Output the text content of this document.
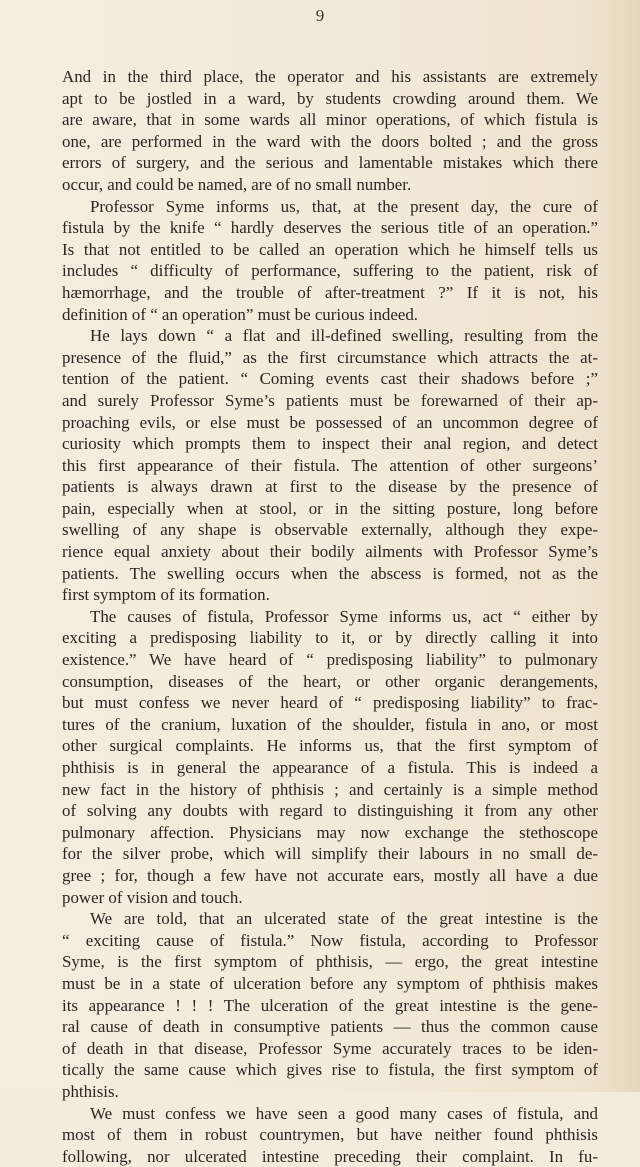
9
And in the third place, the operator and his assistants are extremely
apt to be jostled in a ward, by students crowding around them. We
are aware, that in some wards all minor operations, of which fistula is
one, are performed in the ward with the doors bolted ; and the gross
errors of surgery, and the serious and lamentable mistakes which there
occur, and could be named, are of no small number.
Professor Syme informs us, that, at the present day, the cure of
fistula by the knife “ hardly deserves the serious title of an operation.”
Is that not entitled to be called an operation which he himself tells us
includes “ difficulty of performance, suffering to the patient, risk of
hæmorrhage, and the trouble of after-treatment ?” If it is not, his
definition of “ an operation” must be curious indeed.
He lays down “ a flat and ill-defined swelling, resulting from the
presence of the fluid,” as the first circumstance which attracts the at-
tention of the patient. “ Coming events cast their shadows before ;”
and surely Professor Syme’s patients must be forewarned of their ap-
proaching evils, or else must be possessed of an uncommon degree of
curiosity which prompts them to inspect their anal region, and detect
this first appearance of their fistula. The attention of other surgeons’
patients is always drawn at first to the disease by the presence of
pain, especially when at stool, or in the sitting posture, long before
swelling of any shape is observable externally, although they expe-
rience equal anxiety about their bodily ailments with Professor Syme’s
patients. The swelling occurs when the abscess is formed, not as the
first symptom of its formation.
The causes of fistula, Professor Syme informs us, act “ either by
exciting a predisposing liability to it, or by directly calling it into
existence.” We have heard of “ predisposing liability” to pulmonary
consumption, diseases of the heart, or other organic derangements,
but must confess we never heard of “ predisposing liability” to frac-
tures of the cranium, luxation of the shoulder, fistula in ano, or most
other surgical complaints. He informs us, that the first symptom of
phthisis is in general the appearance of a fistula. This is indeed a
new fact in the history of phthisis ; and certainly is a simple method
of solving any doubts with regard to distinguishing it from any other
pulmonary affection. Physicians may now exchange the stethoscope
for the silver probe, which will simplify their labours in no small de-
gree ; for, though a few have not accurate ears, mostly all have a due
power of vision and touch.
We are told, that an ulcerated state of the great intestine is the
“ exciting cause of fistula.” Now fistula, according to Professor
Syme, is the first symptom of phthisis, — ergo, the great intestine
must be in a state of ulceration before any symptom of phthisis makes
its appearance ! ! ! The ulceration of the great intestine is the gene-
ral cause of death in consumptive patients — thus the common cause
of death in that disease, Professor Syme accurately traces to be iden-
tically the same cause which gives rise to fistula, the first symptom of
phthisis.
We must confess we have seen a good many cases of fistula, and
most of them in robust countrymen, but have neither found phthisis
following, nor ulcerated intestine preceding their complaint. In fu-
